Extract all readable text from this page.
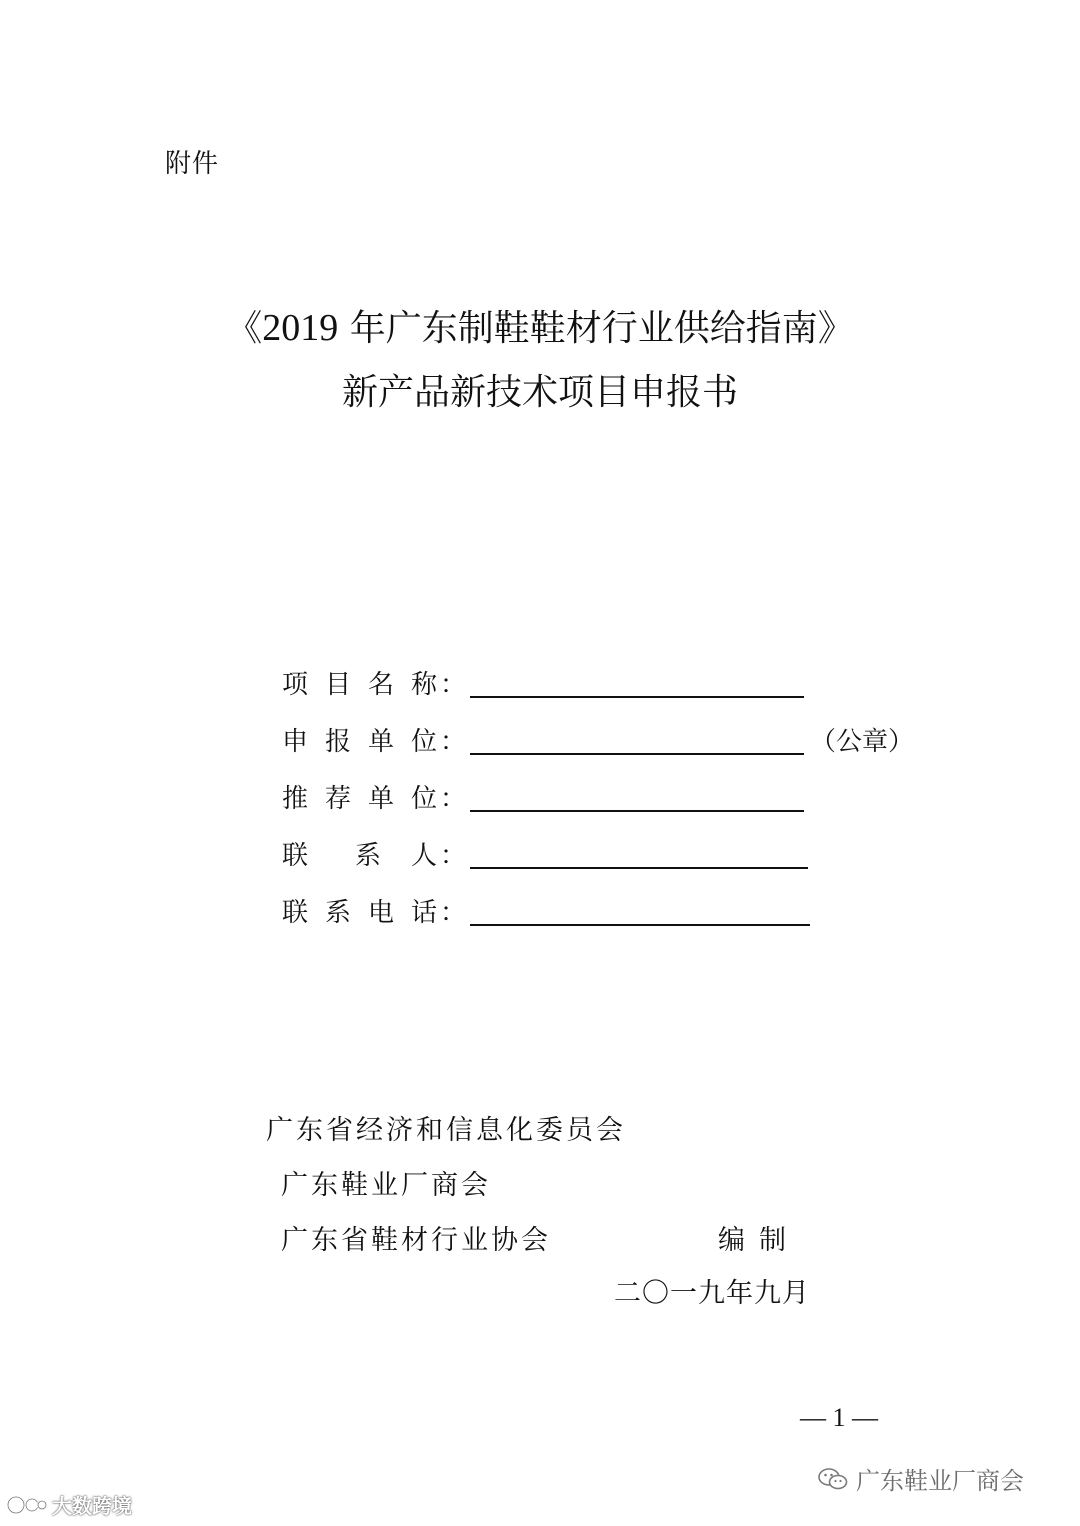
附件
《2019 年广东制鞋鞋材行业供给指南》
新产品新技术项目申报书
项 目 名 称 ：
申 报 单 位 ：	（公章）
推 荐 单 位 ：
联 系 人 ：
联 系 电 话 ：
广东省经济和信息化委员会
广东鞋业厂商会
广东省鞋材行业协会	编 制
二〇一九年九月
— 1 —
广东鞋业厂商会
大数跨境
